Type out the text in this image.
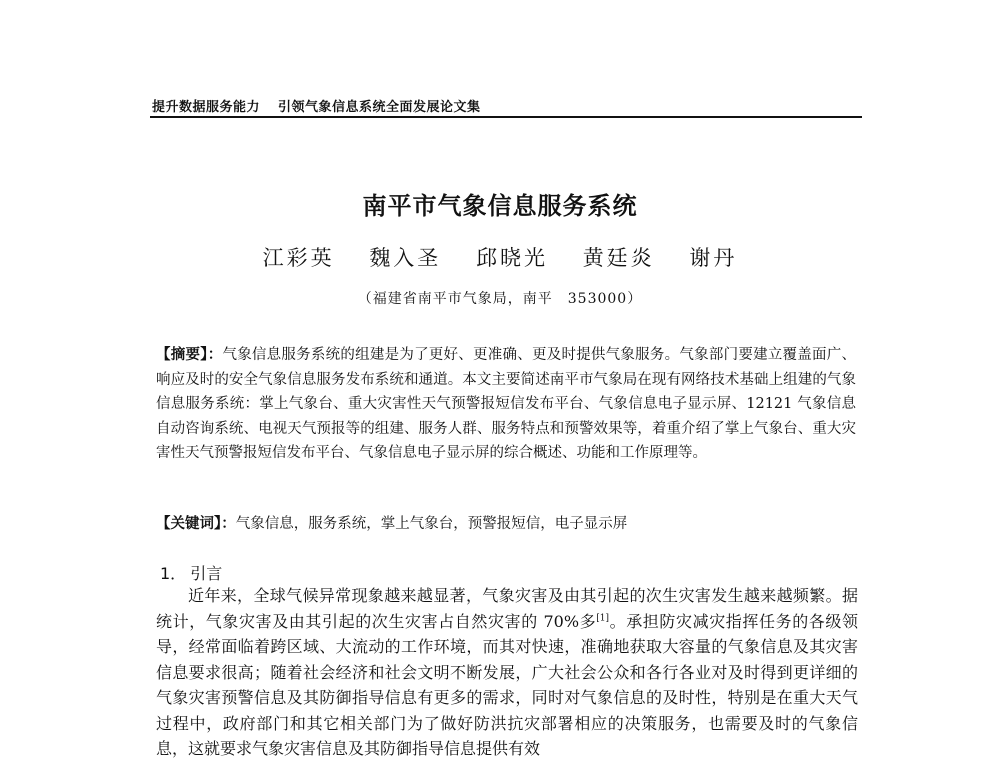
提升数据服务能力 引领气象信息系统全面发展论文集
南平市气象信息服务系统
江彩英 魏入圣 邱晓光 黄廷炎 谢丹
（福建省南平市气象局，南平　353000）
【摘要】：气象信息服务系统的组建是为了更好、更准确、更及时提供气象服务。气象部门要建立覆盖面广、响应及时的安全气象信息服务发布系统和通道。本文主要简述南平市气象局在现有网络技术基础上组建的气象信息服务系统：掌上气象台、重大灾害性天气预警报短信发布平台、气象信息电子显示屏、12121 气象信息自动咨询系统、电视天气预报等的组建、服务人群、服务特点和预警效果等，着重介绍了掌上气象台、重大灾害性天气预警报短信发布平台、气象信息电子显示屏的综合概述、功能和工作原理等。
【关键词】：气象信息，服务系统，掌上气象台，预警报短信，电子显示屏
1． 引言
近年来，全球气候异常现象越来越显著，气象灾害及由其引起的次生灾害发生越来越频繁。据统计，气象灾害及由其引起的次生灾害占自然灾害的 70%多[1]。承担防灾减灾指挥任务的各级领导，经常面临着跨区域、大流动的工作环境，而其对快速，准确地获取大容量的气象信息及其灾害信息要求很高；随着社会经济和社会文明不断发展，广大社会公众和各行各业对及时得到更详细的气象灾害预警信息及其防御指导信息有更多的需求，同时对气象信息的及时性，特别是在重大天气过程中，政府部门和其它相关部门为了做好防洪抗灾部署相应的决策服务，也需要及时的气象信息，这就要求气象灾害信息及其防御指导信息提供有效
